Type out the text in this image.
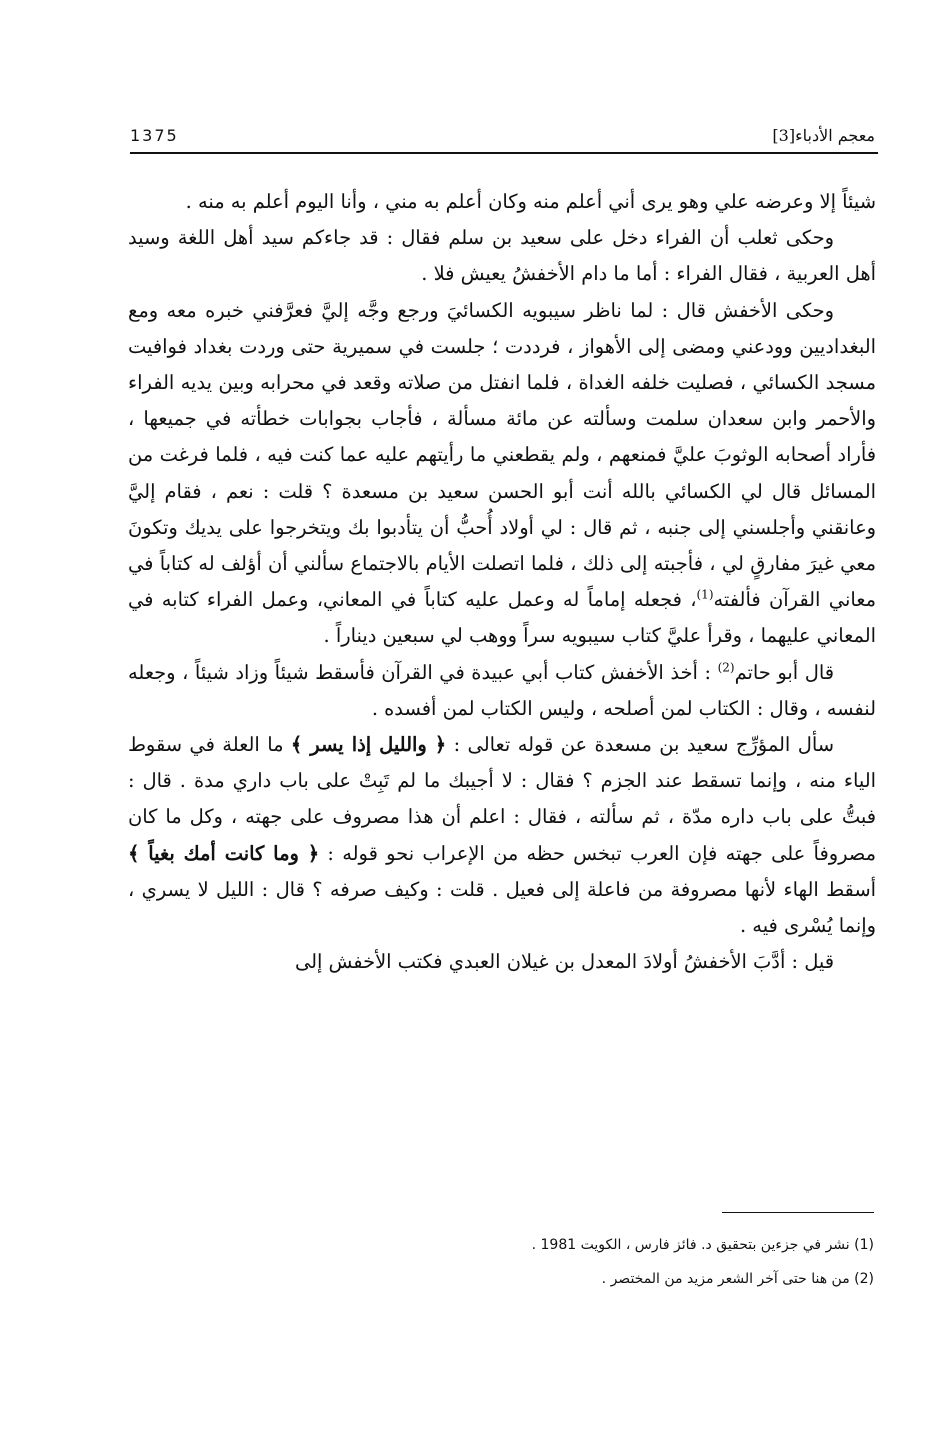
1375	معجم الأدباء[3]

شيئاً إلا وعرضه علي وهو يرى أني أعلم منه وكان أعلم به مني ، وأنا اليوم أعلم به منه .

وحكى ثعلب أن الفراء دخل على سعيد بن سلم فقال : قد جاءكم سيد أهل اللغة وسيد أهل العربية ، فقال الفراء : أما ما دام الأخفشُ يعيش فلا .

وحكى الأخفش قال : لما ناظر سيبويه الكسائيَ ورجع وجَّه إليَّ فعرَّفني خبره معه ومع البغداديين وودعني ومضى إلى الأهواز ، فرددت ؛ جلست في سميرية حتى وردت بغداد فوافيت مسجد الكسائي ، فصليت خلفه الغداة ، فلما انفتل من صلاته وقعد في محرابه وبين يديه الفراء والأحمر وابن سعدان سلمت وسألته عن مائة مسألة ، فأجاب بجوابات خطأته في جميعها ، فأراد أصحابه الوثوبَ عليَّ فمنعهم ، ولم يقطعني ما رأيتهم عليه عما كنت فيه ، فلما فرغت من المسائل قال لي الكسائي بالله أنت أبو الحسن سعيد بن مسعدة ؟ قلت : نعم ، فقام إليَّ وعانقني وأجلسني إلى جنبه ، ثم قال : لي أولاد أُحبُّ أن يتأدبوا بك ويتخرجوا على يديك وتكونَ معي غيرَ مفارقٍ لي ، فأجبته إلى ذلك ، فلما اتصلت الأيام بالاجتماع سألني أن أؤلف له كتاباً في معاني القرآن فألفته$^{(1)}$، فجعله إماماً له وعمل عليه كتاباً في المعاني، وعمل الفراء كتابه في المعاني عليهما ، وقرأ عليَّ كتاب سيبويه سراً ووهب لي سبعين ديناراً .

قال أبو حاتم$^{(2)}$ : أخذ الأخفش كتاب أبي عبيدة في القرآن فأسقط شيئاً وزاد شيئاً ، وجعله لنفسه ، وقال : الكتاب لمن أصلحه ، وليس الكتاب لمن أفسده .

سأل المؤرِّج سعيد بن مسعدة عن قوله تعالى : ﴿ والليل إذا يسر ﴾ ما العلة في سقوط الياء منه ، وإنما تسقط عند الجزم ؟ فقال : لا أجيبك ما لم تَبِتْ على باب داري مدة . قال : فبتُّ على باب داره مدّة ، ثم سألته ، فقال : اعلم أن هذا مصروف على جهته ، وكل ما كان مصروفاً على جهته فإن العرب تبخس حظه من الإعراب نحو قوله : ﴿ وما كانت أمك بغياً ﴾ أسقط الهاء لأنها مصروفة من فاعلة إلى فعيل . قلت : وكيف صرفه ؟ قال : الليل لا يسري ، وإنما يُسْرى فيه .

قيل : أدَّبَ الأخفشُ أولادَ المعدل بن غيلان العبدي فكتب الأخفش إلى

(1) نشر في جزءين بتحقيق د. فائز فارس ، الكويت 1981 .

(2) من هنا حتى آخر الشعر مزيد من المختصر .
